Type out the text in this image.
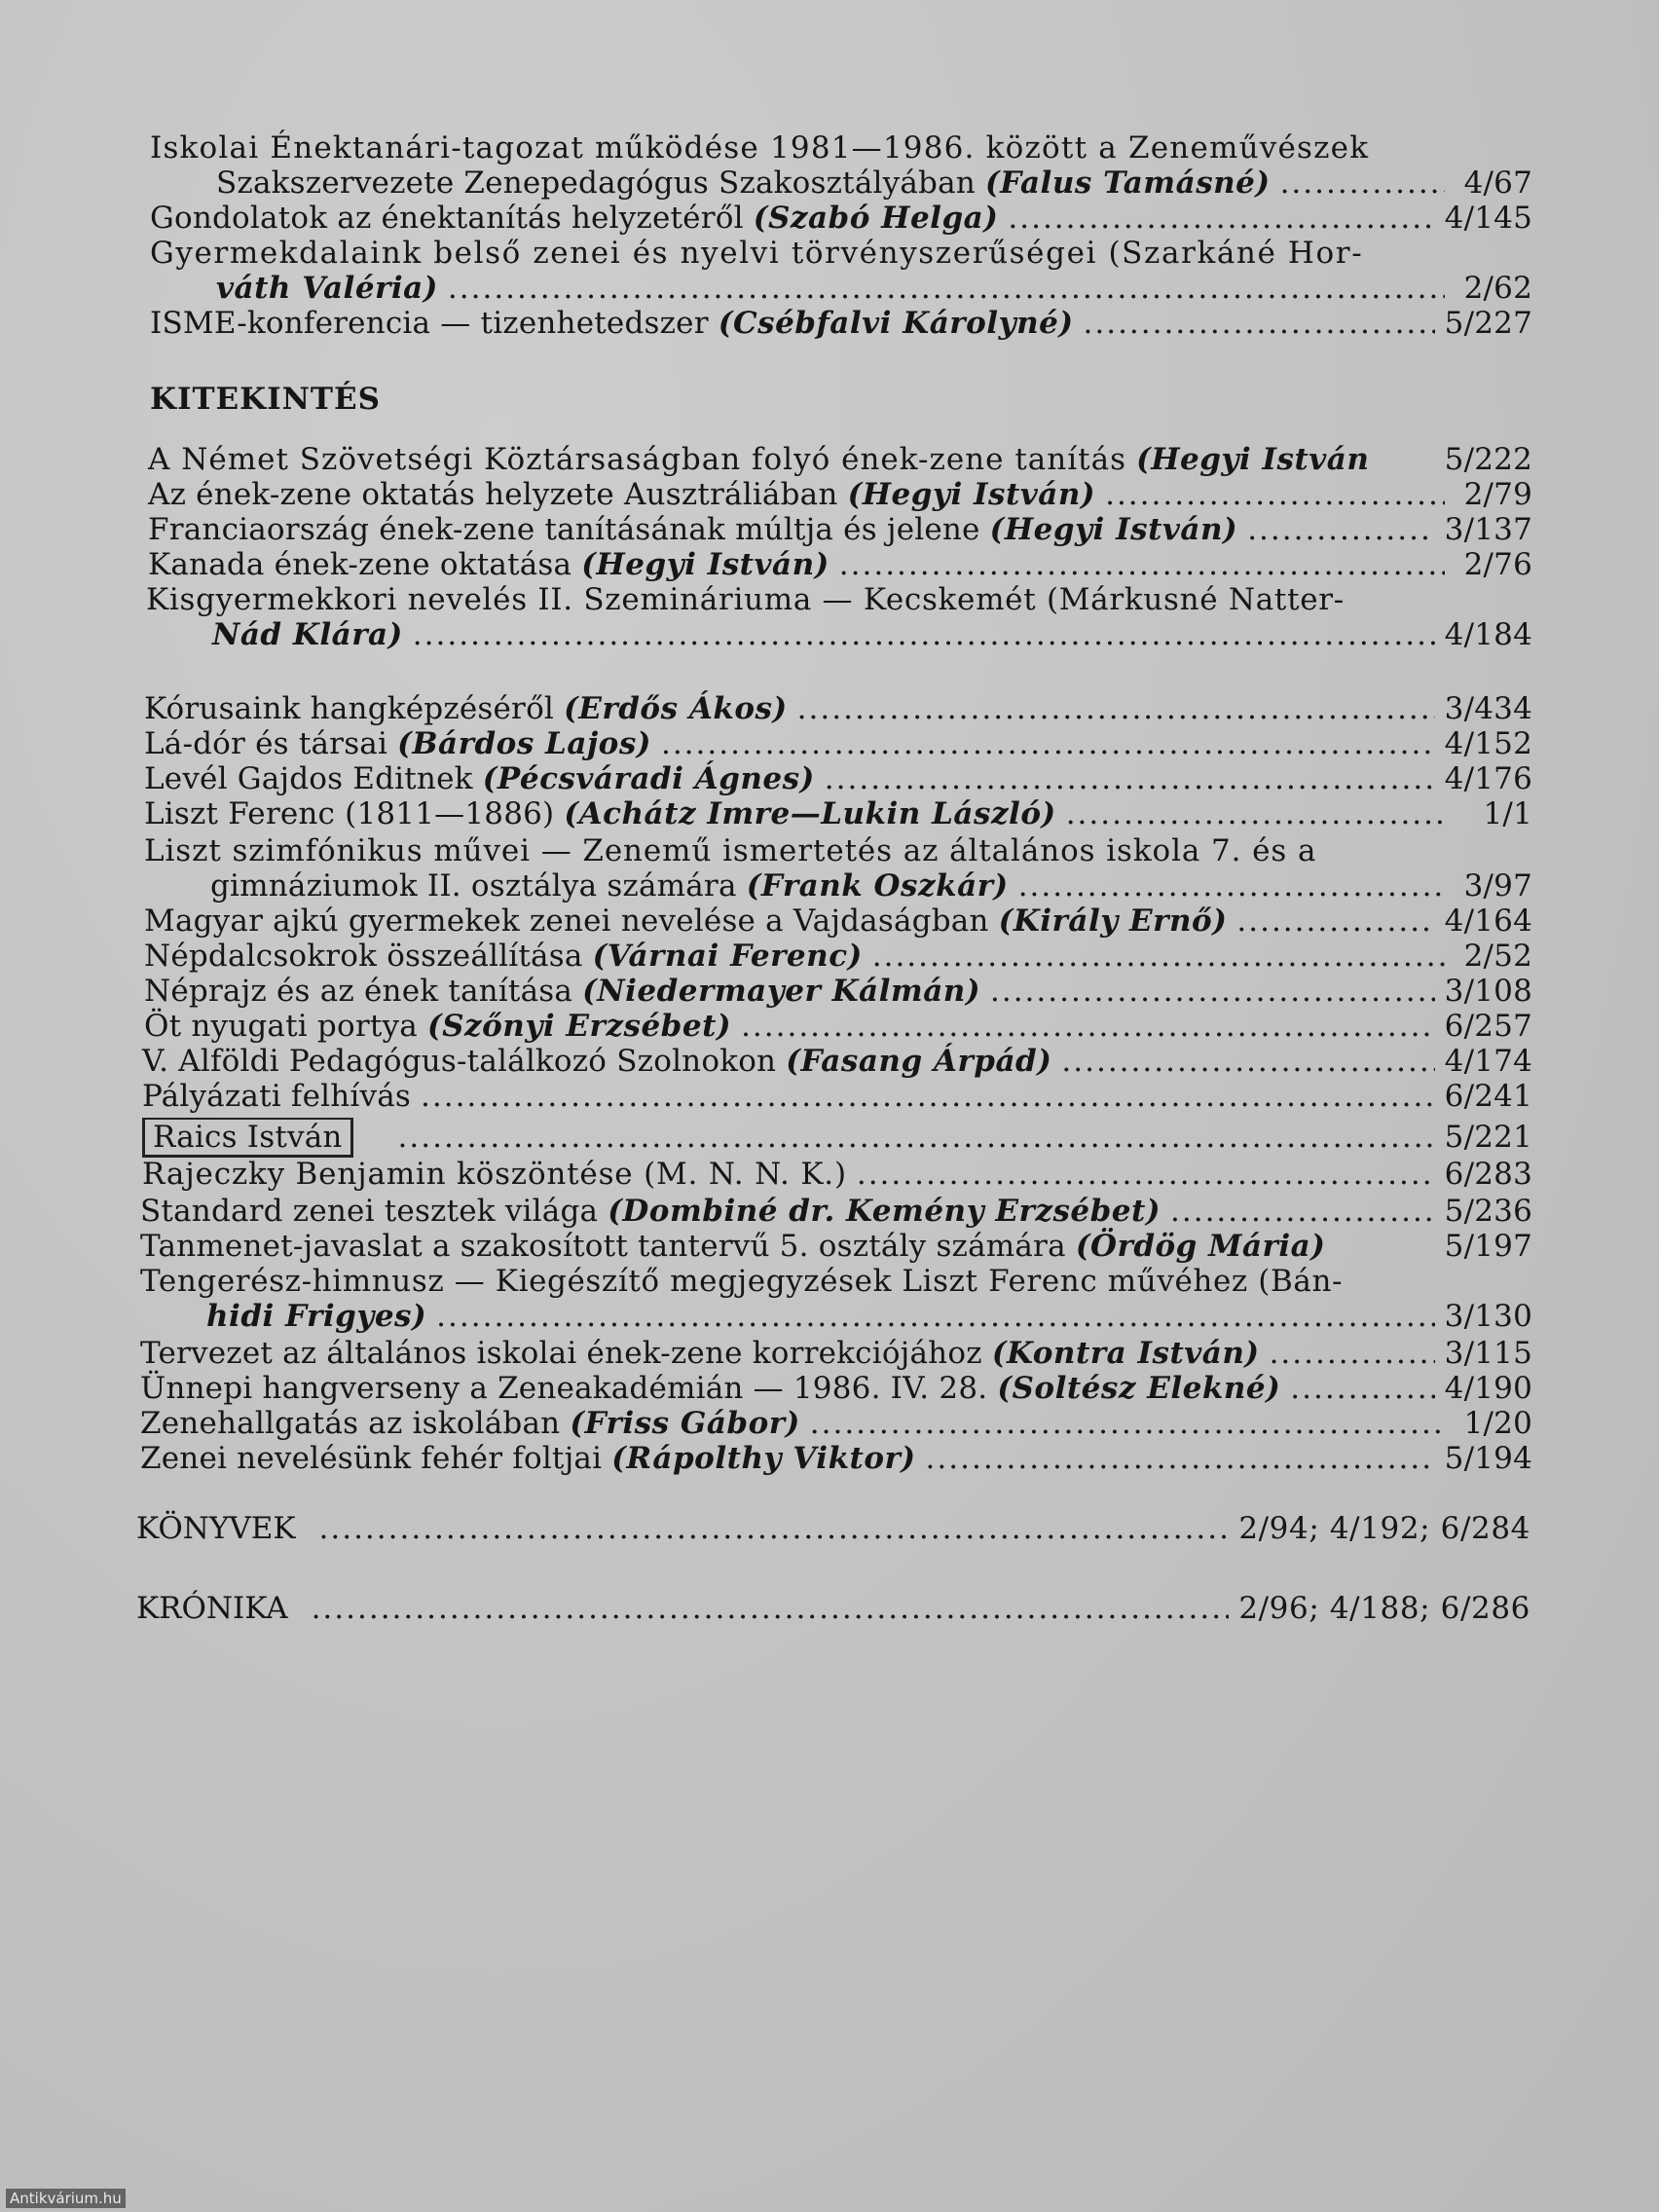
Iskolai Énektanári-tagozat működése 1981—1986. között a Zeneművészek
Szakszervezete Zenepedagógus Szakosztályában
(Falus Tamásné) .....	4/67
Gondolatok az énektanítás helyzetéről
(Szabó Helga) .....	4/145
Gyermekdalaink belső zenei és nyelvi törvényszerűségei (Szarkáné Hor-
váth Valéria) .....	2/62
ISME-konferencia — tizenhetedszer
(Csébfalvi Károlyné) .....	5/227
KITEKINTÉS
A Német Szövetségi Köztársaságban folyó ének-zene tanítás
(Hegyi István 5/222
Az ének-zene oktatás helyzete Ausztráliában
(Hegyi István) .....	2/79
Franciaország ének-zene tanításának múltja és jelene
(Hegyi István) .....	3/137
Kanada ének-zene oktatása
(Hegyi István) .....	2/76
Kisgyermekkori nevelés II. Szemináriuma — Kecskemét (Márkusné Natter-
Nád Klára) .....	4/184
Kórusaink hangképzéséről
(Erdős Ákos) .....	3/434
Lá-dór és társai
(Bárdos Lajos) .....	4/152
Levél Gajdos Editnek
(Pécsváradi Ágnes) .....	4/176
Liszt Ferenc (1811—1886)
(Achátz Imre—Lukin László) .....	1/1
Liszt szimfónikus művei — Zenemű ismertetés az általános iskola 7. és a
gimnáziumok II. osztálya számára
(Frank Oszkár) .....	3/97
Magyar ajkú gyermekek zenei nevelése a Vajdaságban
(Király Ernő) .....	4/164
Népdalcsokrok összeállítása
(Várnai Ferenc) .....	2/52
Néprajz és az ének tanítása
(Niedermayer Kálmán) .....	3/108
Öt nyugati portya
(Szőnyi Erzsébet) .....	6/257
V. Alföldi Pedagógus-találkozó Szolnokon
(Fasang Árpád) .....	4/174
Pályázati felhívás .....	6/241
Raics István .....	5/221
Rajeczky Benjamin köszöntése (M. N. N. K.) .....	6/283
Standard zenei tesztek világa
(Dombiné dr. Kemény Erzsébet) .....	5/236
Tanmenet-javaslat a szakosított tantervű 5. osztály számára
(Ördög Mária)	5/197
Tengerész-himnusz — Kiegészítő megjegyzések Liszt Ferenc művéhez (Bán-
hidi Frigyes) .....	3/130
Tervezet az általános iskolai ének-zene korrekciójához
(Kontra István) .....	3/115
Ünnepi hangverseny a Zeneakadémián — 1986. IV. 28.
(Soltész Elekné) .....	4/190
Zenehallgatás az iskolában
(Friss Gábor) .....	1/20
Zenei nevelésünk fehér foltjai
(Rápolthy Viktor) .....	5/194
KÖNYVEK .....	2/94; 4/192; 6/284
KRÓNIKA .....	2/96; 4/188; 6/286
Antikvárium.hu
